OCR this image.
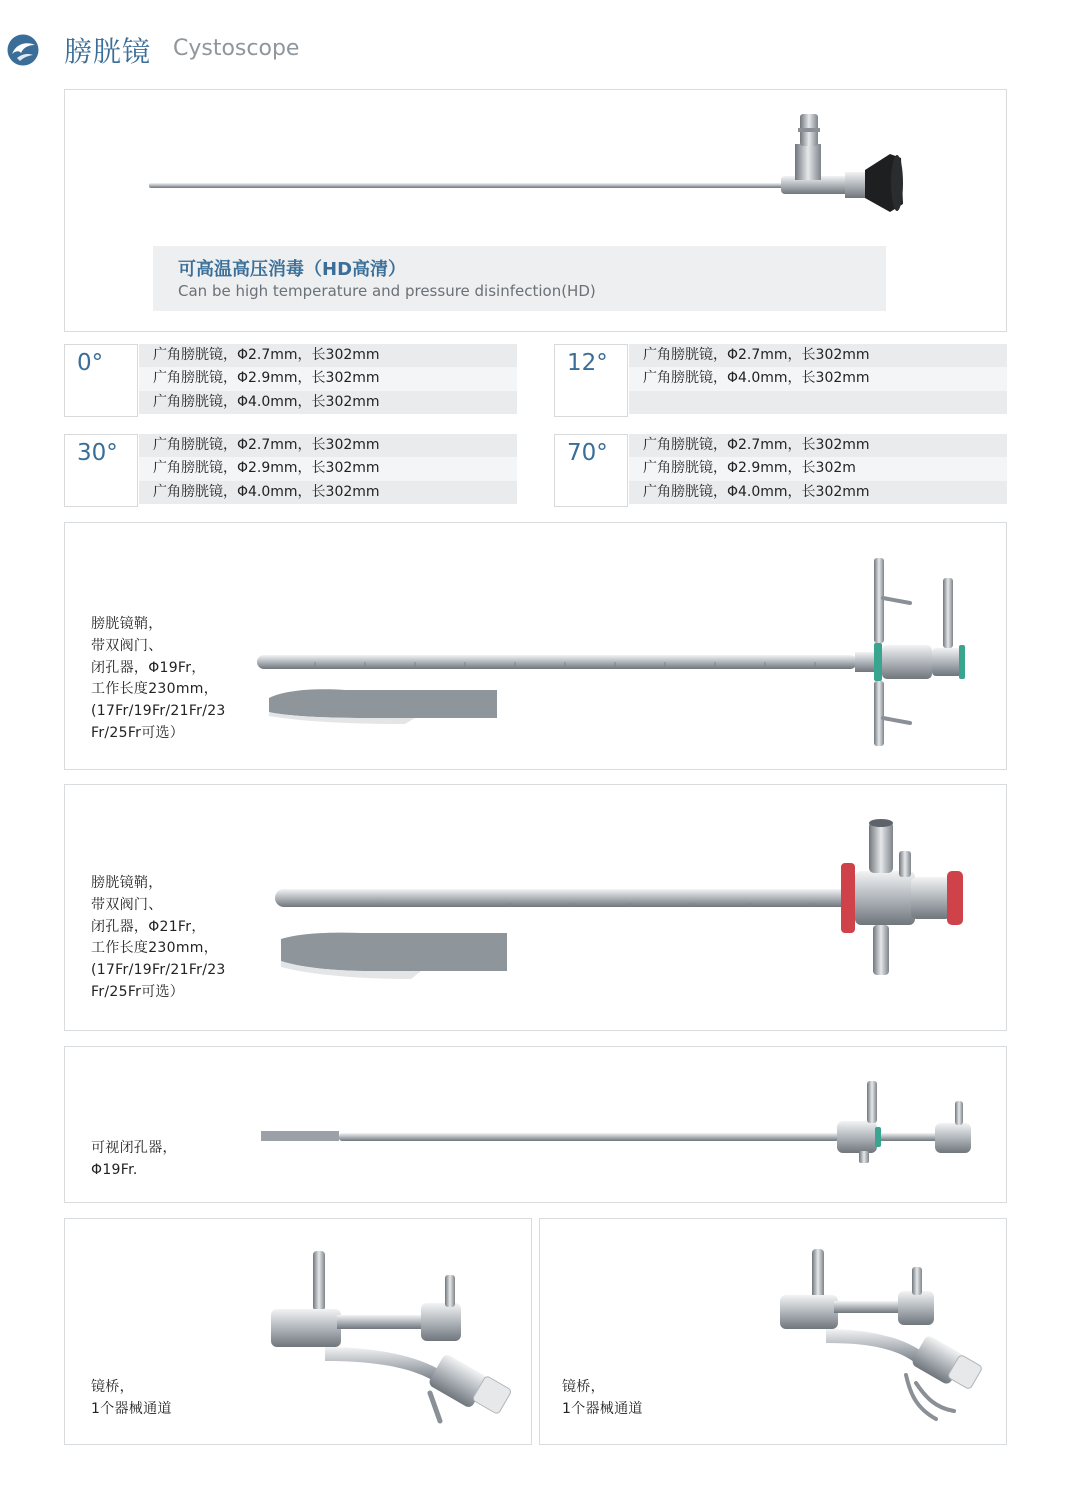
膀胱镜 Cystoscope
可高温高压消毒（HD高清）
Can be high temperature and pressure disinfection(HD)
0°	广角膀胱镜，Φ2.7mm，长302mm
广角膀胱镜，Φ2.9mm，长302mm
广角膀胱镜，Φ4.0mm，长302mm
12°	广角膀胱镜，Φ2.7mm，长302mm
广角膀胱镜，Φ4.0mm，长302mm
30°	广角膀胱镜，Φ2.7mm，长302mm
广角膀胱镜，Φ2.9mm，长302mm
广角膀胱镜，Φ4.0mm，长302mm
70°	广角膀胱镜，Φ2.7mm，长302mm
广角膀胱镜，Φ2.9mm，长302m
广角膀胱镜，Φ4.0mm，长302mm
膀胱镜鞘，
带双阀门、
闭孔器，Φ19Fr，
工作长度230mm，
(17Fr/19Fr/21Fr/23
Fr/25Fr可选）
膀胱镜鞘，
带双阀门、
闭孔器，Φ21Fr，
工作长度230mm，
(17Fr/19Fr/21Fr/23
Fr/25Fr可选）
可视闭孔器，
Φ19Fr.
镜桥，
1个器械通道
镜桥，
1个器械通道
